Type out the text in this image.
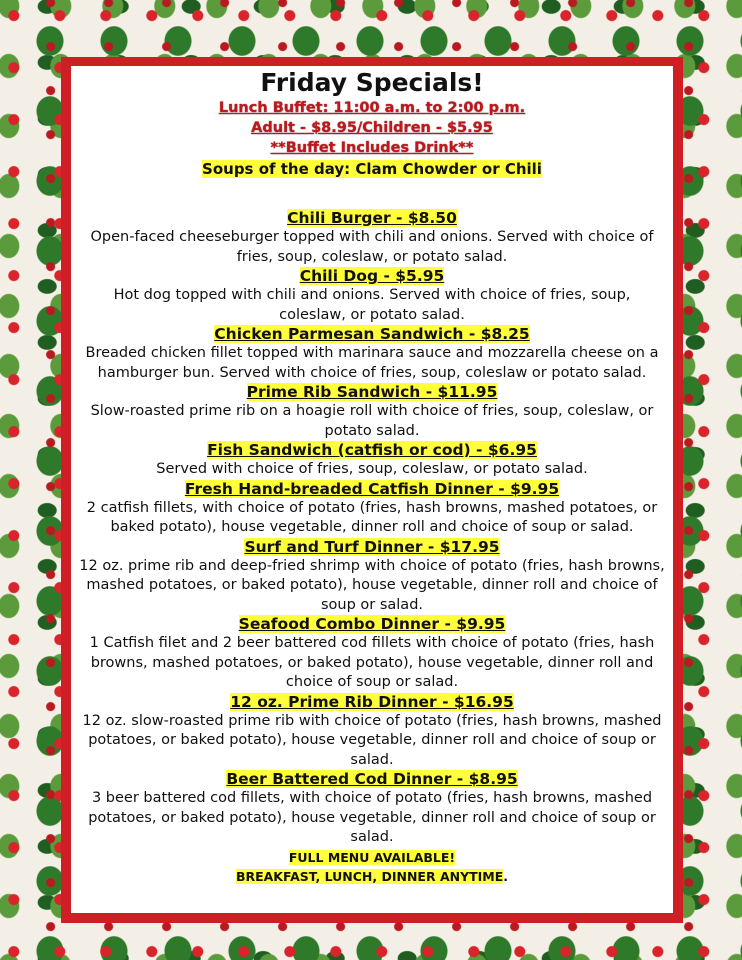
Friday Specials!
Lunch Buffet: 11:00 a.m. to 2:00 p.m.
Adult - $8.95/Children - $5.95
**Buffet Includes Drink**

Soups of the day: Clam Chowder or Chili

Chili Burger - $8.50

Open-faced cheeseburger topped with chili and onions. Served with choice of fries, soup, coleslaw, or potato salad.

Chili Dog - $5.95

Hot dog topped with chili and onions. Served with choice of fries, soup, coleslaw, or potato salad.

Chicken Parmesan Sandwich - $8.25

Breaded chicken fillet topped with marinara sauce and mozzarella cheese on a hamburger bun. Served with choice of fries, soup, coleslaw or potato salad.

Prime Rib Sandwich - $11.95

Slow-roasted prime rib on a hoagie roll with choice of fries, soup, coleslaw, or potato salad.

Fish Sandwich (catfish or cod) - $6.95

Served with choice of fries, soup, coleslaw, or potato salad.

Fresh Hand-breaded Catfish Dinner - $9.95

2 catfish fillets, with choice of potato (fries, hash browns, mashed potatoes, or baked potato), house vegetable, dinner roll and choice of soup or salad.

Surf and Turf Dinner - $17.95

12 oz. prime rib and deep-fried shrimp with choice of potato (fries, hash browns, mashed potatoes, or baked potato), house vegetable, dinner roll and choice of soup or salad.

Seafood Combo Dinner - $9.95

1 Catfish filet and 2 beer battered cod fillets with choice of potato (fries, hash browns, mashed potatoes, or baked potato), house vegetable, dinner roll and choice of soup or salad.

12 oz. Prime Rib Dinner - $16.95

12 oz. slow-roasted prime rib with choice of potato (fries, hash browns, mashed potatoes, or baked potato), house vegetable, dinner roll and choice of soup or salad.

Beer Battered Cod Dinner - $8.95

3 beer battered cod fillets, with choice of potato (fries, hash browns, mashed potatoes, or baked potato), house vegetable, dinner roll and choice of soup or salad.

FULL MENU AVAILABLE!

BREAKFAST, LUNCH, DINNER ANYTIME.
